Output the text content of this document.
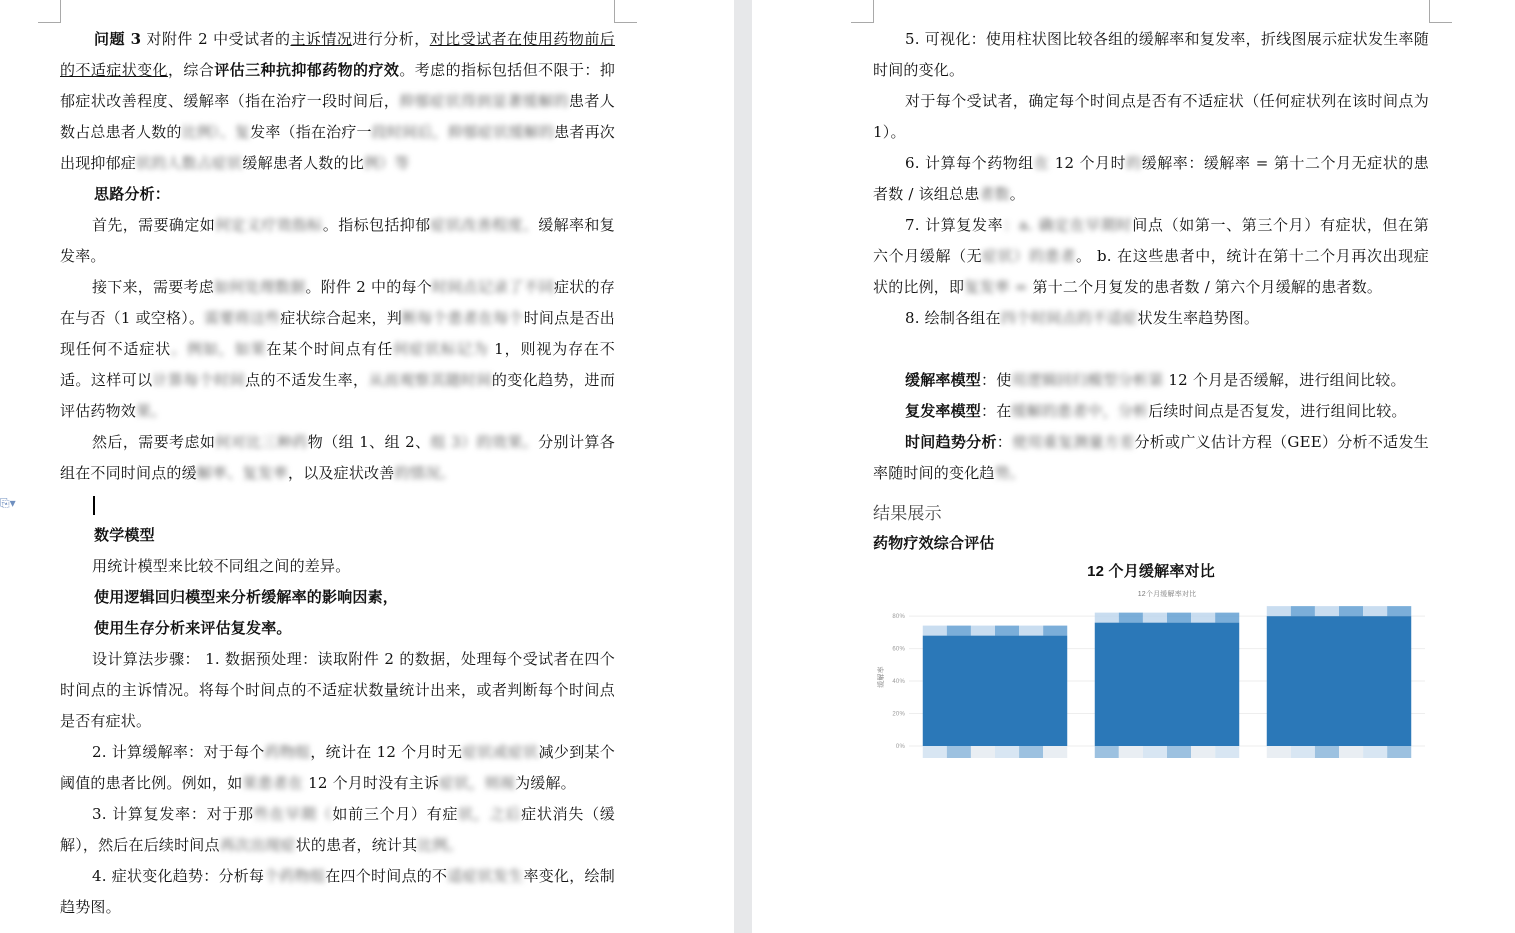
⎘▾

问题 3 对附件 2 中受试者的主诉情况进行分析，对比受试者在使用药物前后的不适症状变化，综合评估三种抗抑郁药物的疗效。考虑的指标包括但不限于：抑郁症状改善程度、缓解率（指在治疗一段时间后，抑郁症状得到显著缓解的患者人数占总患者人数的比例）、复发率（指在治疗一段时间后，抑郁症状缓解的患者再次出现抑郁症状的人数占症状缓解患者人数的比例）等

思路分析：

首先，需要确定如何定义疗效指标。指标包括抑郁症状改善程度、缓解率和复发率。

接下来，需要考虑如何处理数据。附件 2 中的每个时间点记录了不同症状的存在与否（1 或空格）。需要将这些症状综合起来，判断每个患者在每个时间点是否出现任何不适症状。例如，如果在某个时间点有任何症状标记为 1，则视为存在不适。这样可以计算每个时间点的不适发生率，从而观察其随时间的变化趋势，进而评估药物效果。

然后，需要考虑如何对比三种药物（组 1、组 2、组 3）的效果。分别计算各组在不同时间点的缓解率、复发率，以及症状改善的情况。

数学模型

用统计模型来比较不同组之间的差异。

使用逻辑回归模型来分析缓解率的影响因素，

使用生存分析来评估复发率。

设计算法步骤： 1. 数据预处理：读取附件 2 的数据，处理每个受试者在四个时间点的主诉情况。将每个时间点的不适症状数量统计出来，或者判断每个时间点是否有症状。

2. 计算缓解率：对于每个药物组，统计在 12 个月时无症状或症状减少到某个阈值的患者比例。例如，如果患者在 12 个月时没有主诉症状，则视为缓解。

3. 计算复发率：对于那些在早期（如前三个月）有症状，之后症状消失（缓解），然后在后续时间点再次出现症状的患者，统计其比例。

4. 症状变化趋势：分析每个药物组在四个时间点的不适症状发生率变化，绘制趋势图。

5. 可视化：使用柱状图比较各组的缓解率和复发率，折线图展示症状发生率随时间的变化。

对于每个受试者，确定每个时间点是否有不适症状（任何症状列在该时间点为 1）。

6. 计算每个药物组在 12 个月时的缓解率：缓解率 = 第十二个月无症状的患者数 / 该组总患者数。

7. 计算复发率：a. 确定在早期时间点（如第一、第三个月）有症状，但在第六个月缓解（无症状）的患者。 b. 在这些患者中，统计在第十二个月再次出现症状的比例，即复发率 = 第十二个月复发的患者数 / 第六个月缓解的患者数。

8. 绘制各组在四个时间点的不适症状发生率趋势图。

缓解率模型：使用逻辑回归模型分析第 12 个月是否缓解，进行组间比较。

复发率模型：在缓解的患者中，分析后续时间点是否复发，进行组间比较。

时间趋势分析：使用重复测量方差分析或广义估计方程（GEE）分析不适发生率随时间的变化趋势。

结果展示

药物疗效综合评估

12 个月缓解率对比
12个月缓解率对比
缓解率
0%
20%
40%
60%
80%
